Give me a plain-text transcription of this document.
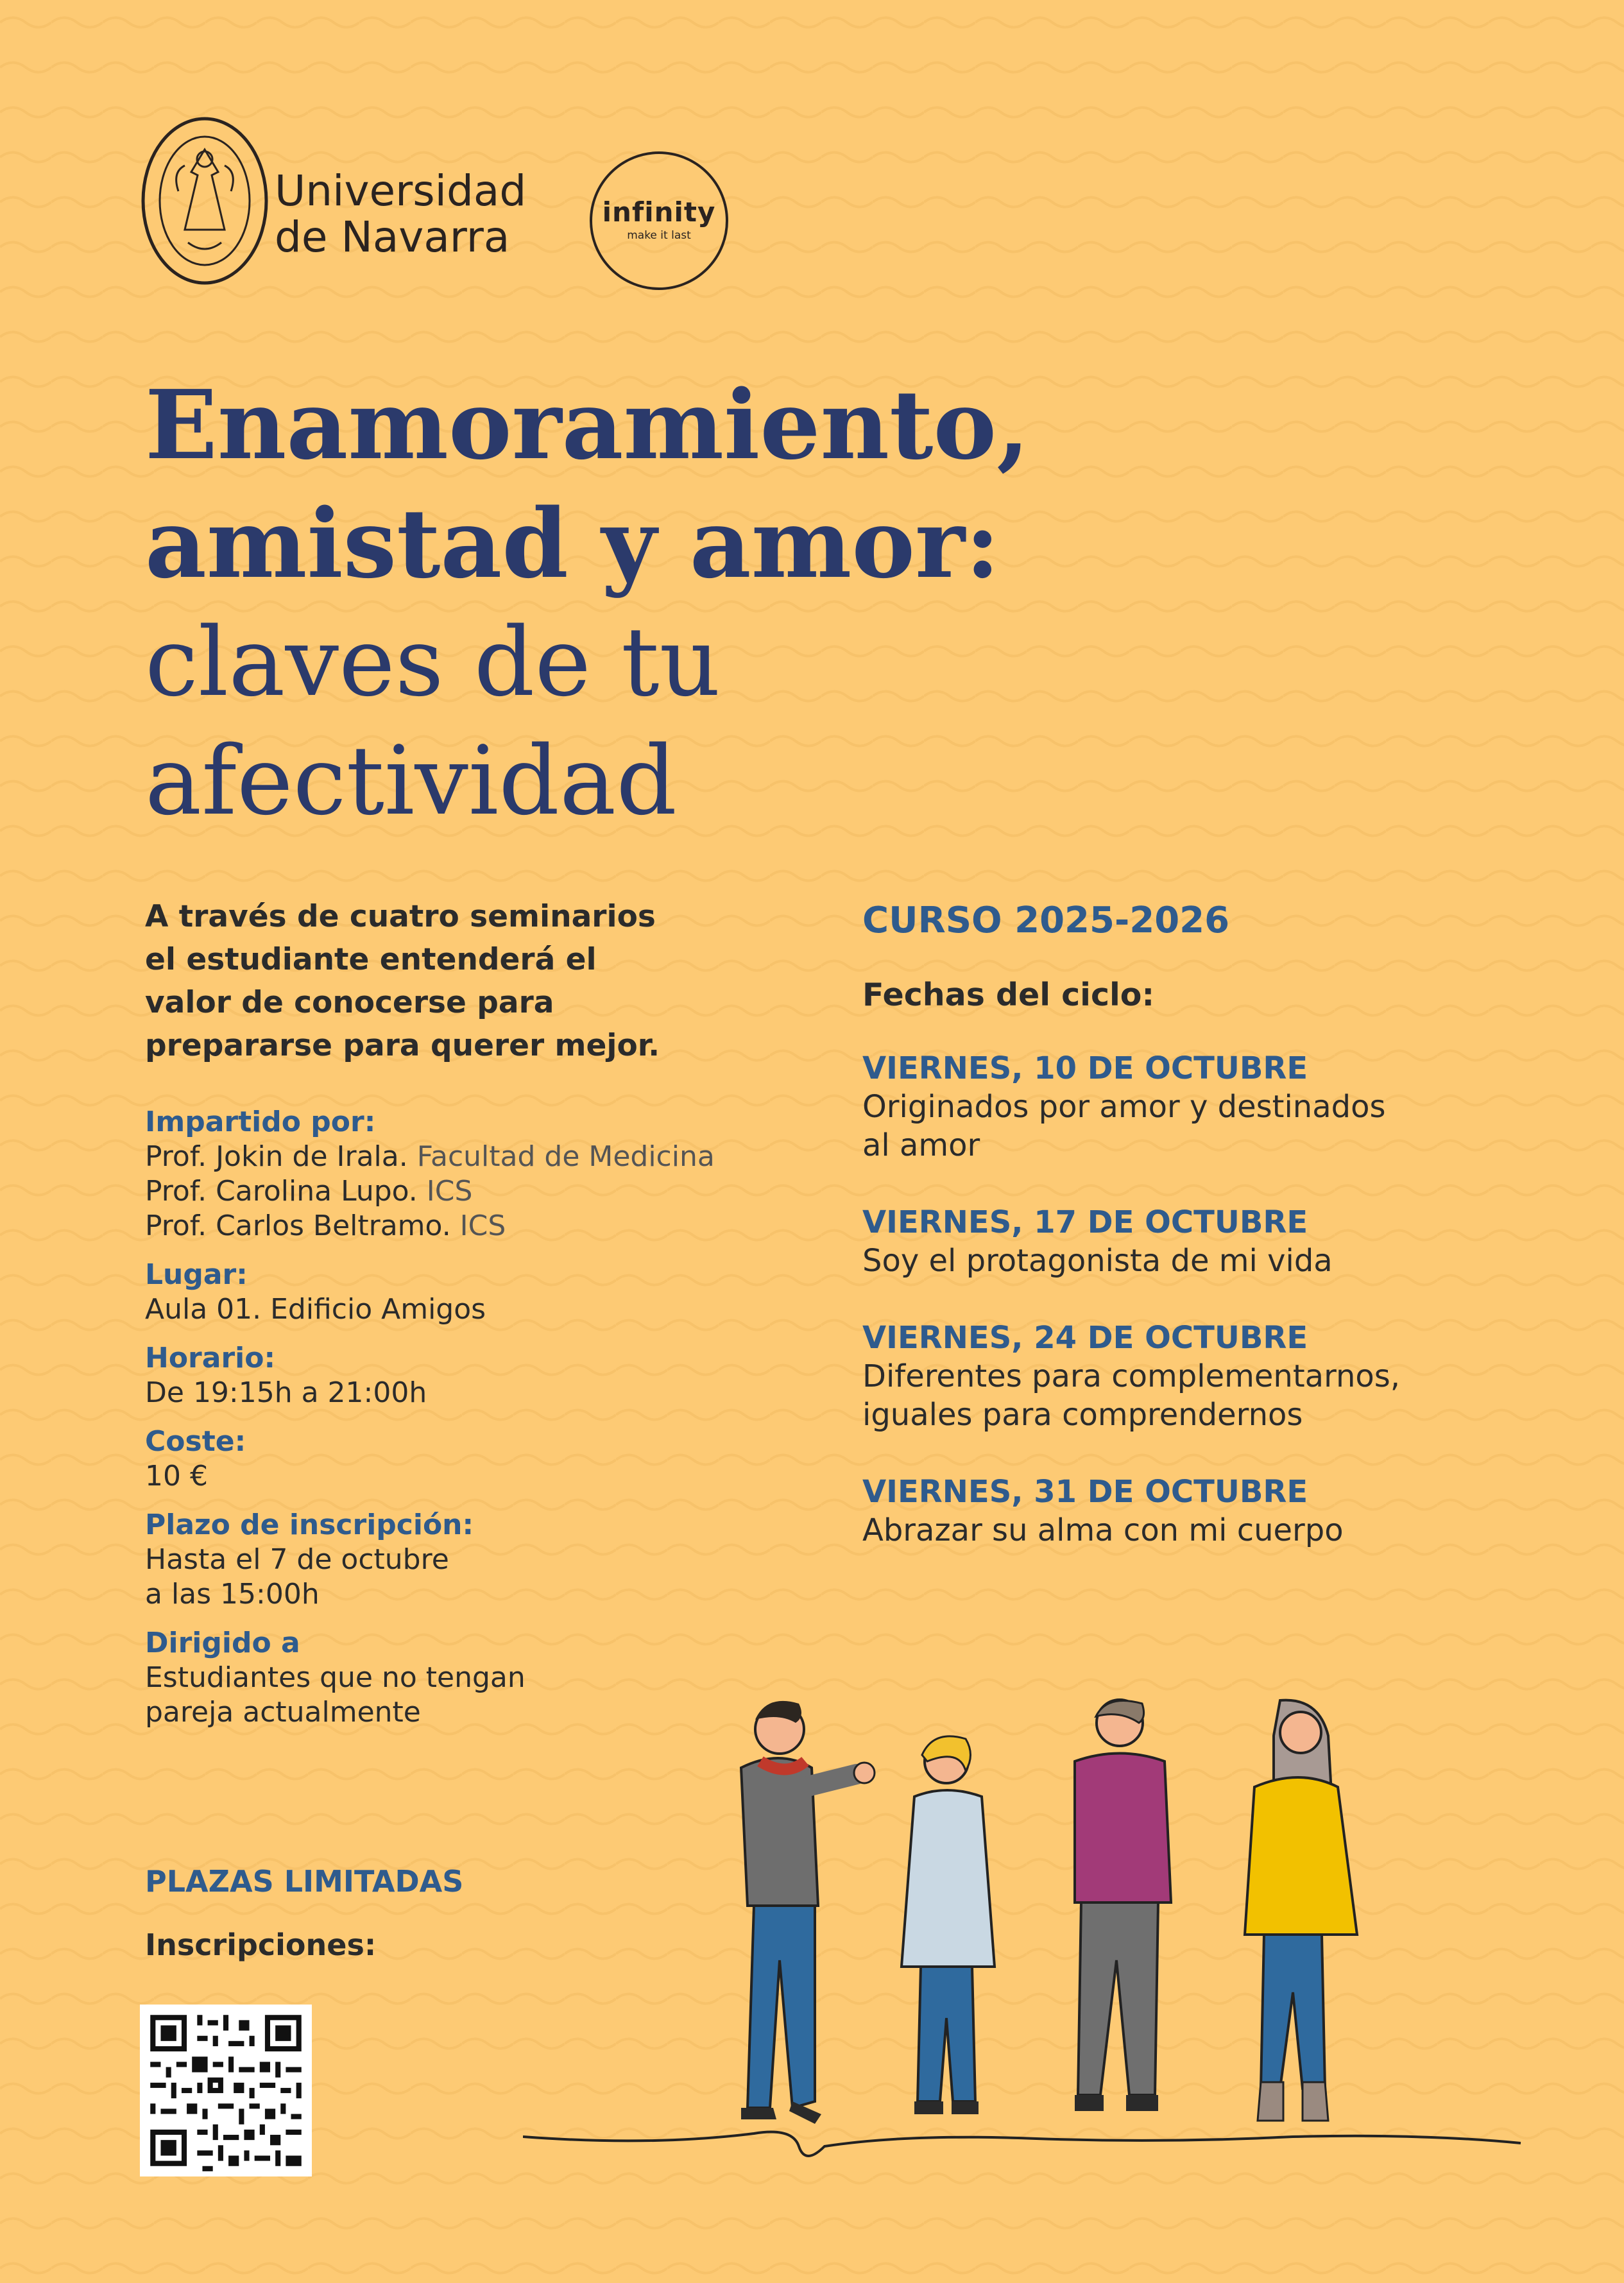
Universidad
de Navarra
infinity
make it last
Enamoramiento,
amistad y amor:
claves de tu
afectividad
A través de cuatro seminarios
el estudiante entenderá el
valor de conocerse para
prepararse para querer mejor.
Impartido por:
Prof. Jokin de Irala. Facultad de Medicina
Prof. Carolina Lupo. ICS
Prof. Carlos Beltramo. ICS
Lugar:
Aula 01. Edificio Amigos
Horario:
De 19:15h a 21:00h
Coste:
10 €
Plazo de inscripción:
Hasta el 7 de octubre
a las 15:00h
Dirigido a
Estudiantes que no tengan
pareja actualmente
PLAZAS LIMITADAS
Inscripciones:
CURSO 2025-2026
Fechas del ciclo:
VIERNES, 10 DE OCTUBRE
Originados por amor y destinados
al amor
VIERNES, 17 DE OCTUBRE
Soy el protagonista de mi vida
VIERNES, 24 DE OCTUBRE
Diferentes para complementarnos,
iguales para comprendernos
VIERNES, 31 DE OCTUBRE
Abrazar su alma con mi cuerpo
